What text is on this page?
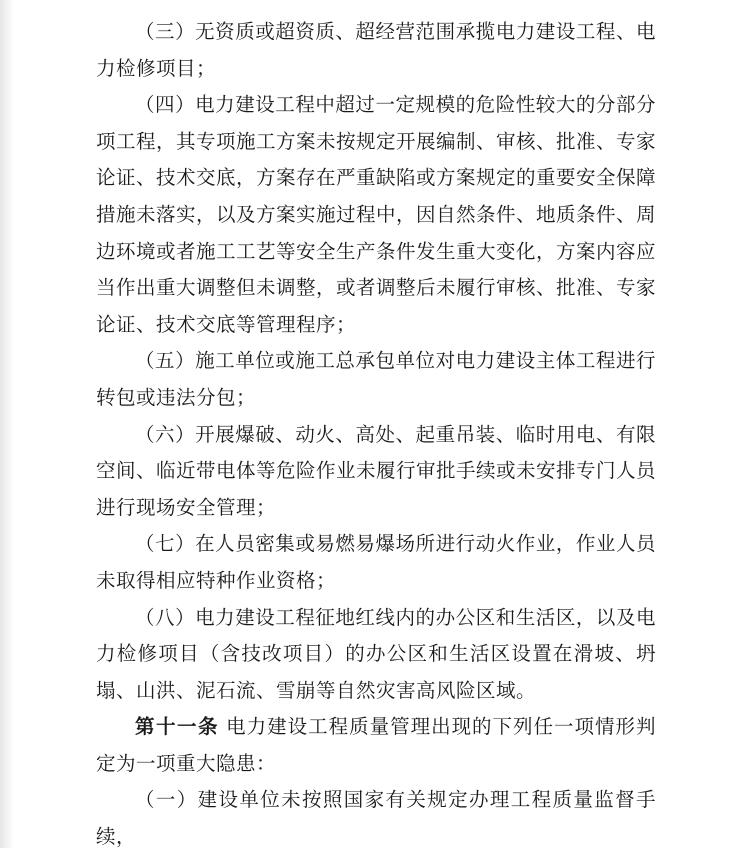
（三）无资质或超资质、超经营范围承揽电力建设工程、电力检修项目；

（四）电力建设工程中超过一定规模的危险性较大的分部分项工程，其专项施工方案未按规定开展编制、审核、批准、专家论证、技术交底，方案存在严重缺陷或方案规定的重要安全保障措施未落实，以及方案实施过程中，因自然条件、地质条件、周边环境或者施工工艺等安全生产条件发生重大变化，方案内容应当作出重大调整但未调整，或者调整后未履行审核、批准、专家论证、技术交底等管理程序；

（五）施工单位或施工总承包单位对电力建设主体工程进行转包或违法分包；

（六）开展爆破、动火、高处、起重吊装、临时用电、有限空间、临近带电体等危险作业未履行审批手续或未安排专门人员进行现场安全管理；

（七）在人员密集或易燃易爆场所进行动火作业，作业人员未取得相应特种作业资格；

（八）电力建设工程征地红线内的办公区和生活区，以及电力检修项目（含技改项目）的办公区和生活区设置在滑坡、坍塌、山洪、泥石流、雪崩等自然灾害高风险区域。

第十一条 电力建设工程质量管理出现的下列任一项情形判定为一项重大隐患：

（一）建设单位未按照国家有关规定办理工程质量监督手续，
